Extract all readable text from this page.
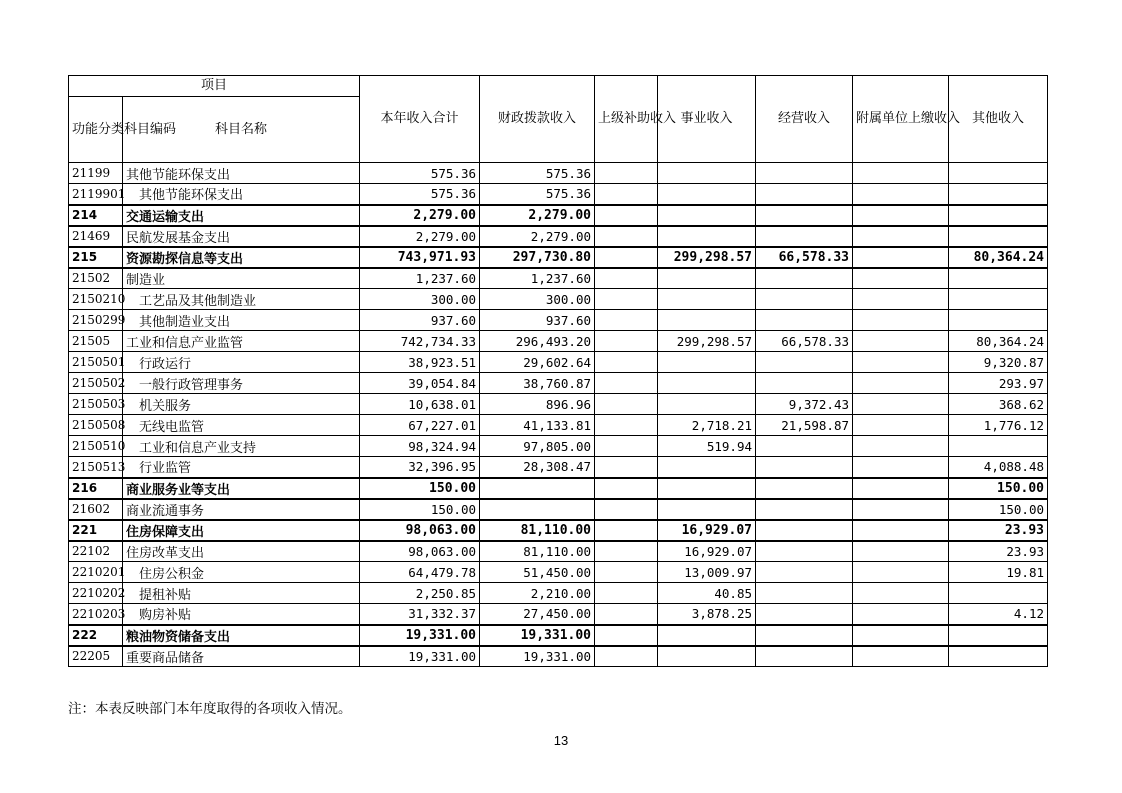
项目		本年收入合计	财政拨款收入	上级补助收入	事业收入	经营收入	附属单位上缴收入	其他收入
功能分类科目编码	科目名称							
21199	其他节能环保支出	575.36	575.36					
2119901	其他节能环保支出	575.36	575.36					
214	交通运输支出	2,279.00	2,279.00					
21469	民航发展基金支出	2,279.00	2,279.00					
215	资源勘探信息等支出	743,971.93	297,730.80		299,298.57	66,578.33		80,364.24
21502	制造业	1,237.60	1,237.60					
2150210	工艺品及其他制造业	300.00	300.00					
2150299	其他制造业支出	937.60	937.60					
21505	工业和信息产业监管	742,734.33	296,493.20		299,298.57	66,578.33		80,364.24
2150501	行政运行	38,923.51	29,602.64					9,320.87
2150502	一般行政管理事务	39,054.84	38,760.87					293.97
2150503	机关服务	10,638.01	896.96			9,372.43		368.62
2150508	无线电监管	67,227.01	41,133.81		2,718.21	21,598.87		1,776.12
2150510	工业和信息产业支持	98,324.94	97,805.00		519.94			
2150513	行业监管	32,396.95	28,308.47					4,088.48
216	商业服务业等支出	150.00						150.00
21602	商业流通事务	150.00						150.00
221	住房保障支出	98,063.00	81,110.00		16,929.07			23.93
22102	住房改革支出	98,063.00	81,110.00		16,929.07			23.93
2210201	住房公积金	64,479.78	51,450.00		13,009.97			19.81
2210202	提租补贴	2,250.85	2,210.00		40.85			
2210203	购房补贴	31,332.37	27,450.00		3,878.25			4.12
222	粮油物资储备支出	19,331.00	19,331.00					
22205	重要商品储备	19,331.00	19,331.00					
注：本表反映部门本年度取得的各项收入情况。
13
